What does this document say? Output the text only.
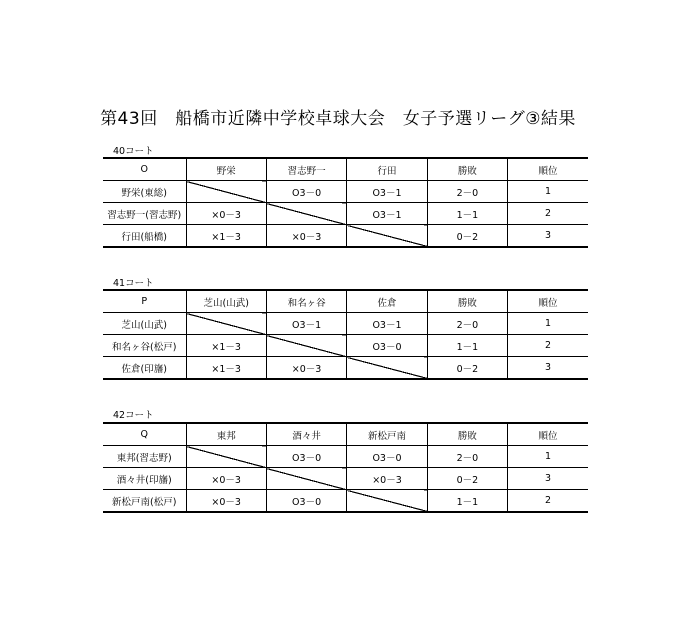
第43回　船橋市近隣中学校卓球大会　女子予選リーグ③結果
40コート
O	野栄	習志野一	行田	勝敗	順位
野栄(東総)		O3－0	O3－1	2－0	1
習志野一(習志野)	×0－3		O3－1	1－1	2
行田(船橋)	×1－3	×0－3		0－2	3
41コート
P	芝山(山武)	和名ヶ谷	佐倉	勝敗	順位
芝山(山武)		O3－1	O3－1	2－0	1
和名ヶ谷(松戸)	×1－3		O3－0	1－1	2
佐倉(印旛)	×1－3	×0－3		0－2	3
42コート
Q	東邦	酒々井	新松戸南	勝敗	順位
東邦(習志野)		O3－0	O3－0	2－0	1
酒々井(印旛)	×0－3		×0－3	0－2	3
新松戸南(松戸)	×0－3	O3－0		1－1	2
